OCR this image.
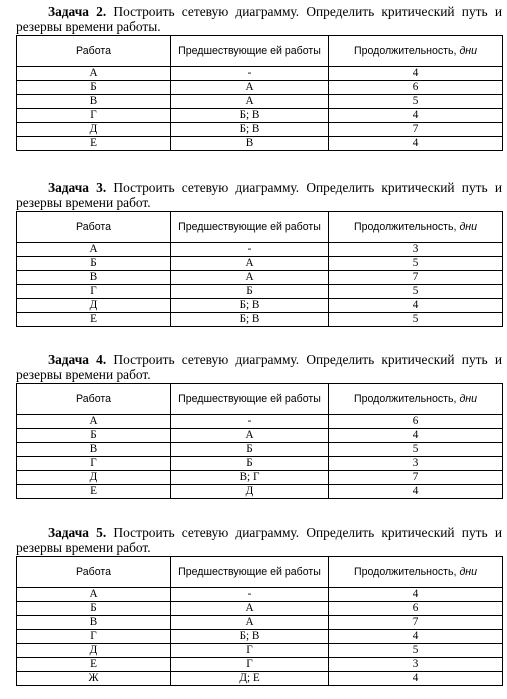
Задача 2. Построить сетевую диаграмму. Определить критический путь и резервы времени работы.

Работа	Предшествующие ей работы	Продолжительность, дни
А	-	4
Б	А	6
В	А	5
Г	Б; В	4
Д	Б; В	7
Е	В	4

Задача 3. Построить сетевую диаграмму. Определить критический путь и резервы времени работ.

Работа	Предшествующие ей работы	Продолжительность, дни
А	-	3
Б	А	5
В	А	7
Г	Б	5
Д	Б; В	4
Е	Б; В	5

Задача 4. Построить сетевую диаграмму. Определить критический путь и резервы времени работ.

Работа	Предшествующие ей работы	Продолжительность, дни
А	-	6
Б	А	4
В	Б	5
Г	Б	3
Д	В; Г	7
Е	Д	4

Задача 5. Построить сетевую диаграмму. Определить критический путь и резервы времени работ.

Работа	Предшествующие ей работы	Продолжительность, дни
А	-	4
Б	А	6
В	А	7
Г	Б; В	4
Д	Г	5
Е	Г	3
Ж	Д; Е	4
